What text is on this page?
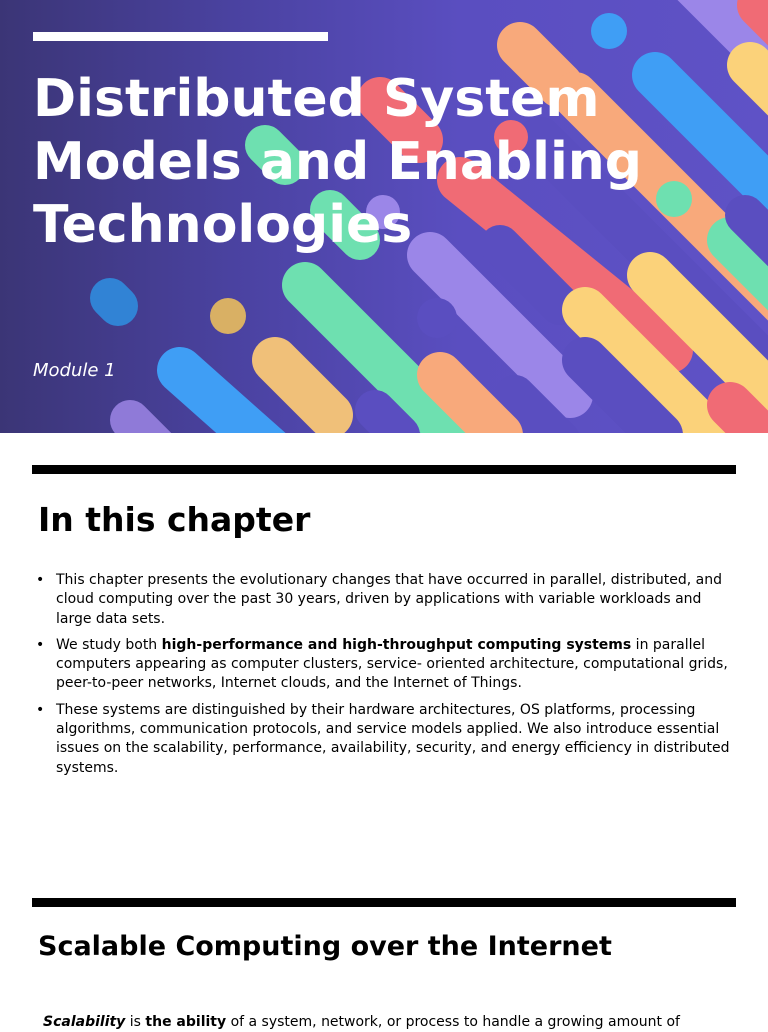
Distributed System
Models and Enabling
Technologies
Module 1
In this chapter
• This chapter presents the evolutionary changes that have occurred in parallel, distributed, and cloud computing over the past 30 years, driven by applications with variable workloads and large data sets.
• We study both high-performance and high-throughput computing systems in parallel computers appearing as computer clusters, service- oriented architecture, computational grids, peer-to-peer networks, Internet clouds, and the Internet of Things.
• These systems are distinguished by their hardware architectures, OS platforms, processing algorithms, communication protocols, and service models applied. We also introduce essential issues on the scalability, performance, availability, security, and energy efficiency in distributed systems.
Scalable Computing over the Internet
Scalability is the ability of a system, network, or process to handle a growing amount of
